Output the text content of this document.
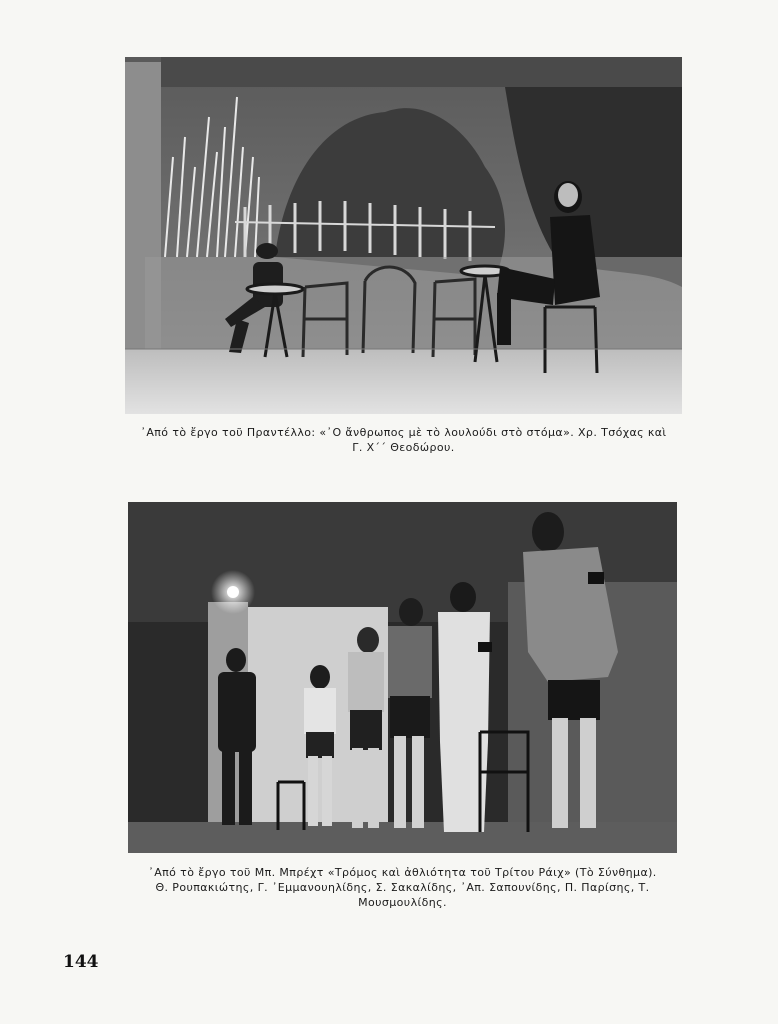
᾿Από τὸ ἔργο τοῦ Πραντέλλο: «᾿Ο ἄνθρωπος μὲ τὸ λουλούδι στὸ στόμα». Χρ. Τσόχας καὶ
Γ. Χ´´ Θεοδώρου.
᾿Από τὸ ἔργο τοῦ Μπ. Μπρέχτ «Τρόμος καὶ ἀθλιότητα τοῦ Τρίτου Ράιχ» (Τὸ Σύνθημα).
Θ. Ρουπακιώτης, Γ. ᾿Εμμανουηλίδης, Σ. Σακαλίδης, ᾿Απ. Σαπουνίδης, Π. Παρίσης, Τ.
Μουσμουλίδης.
144
